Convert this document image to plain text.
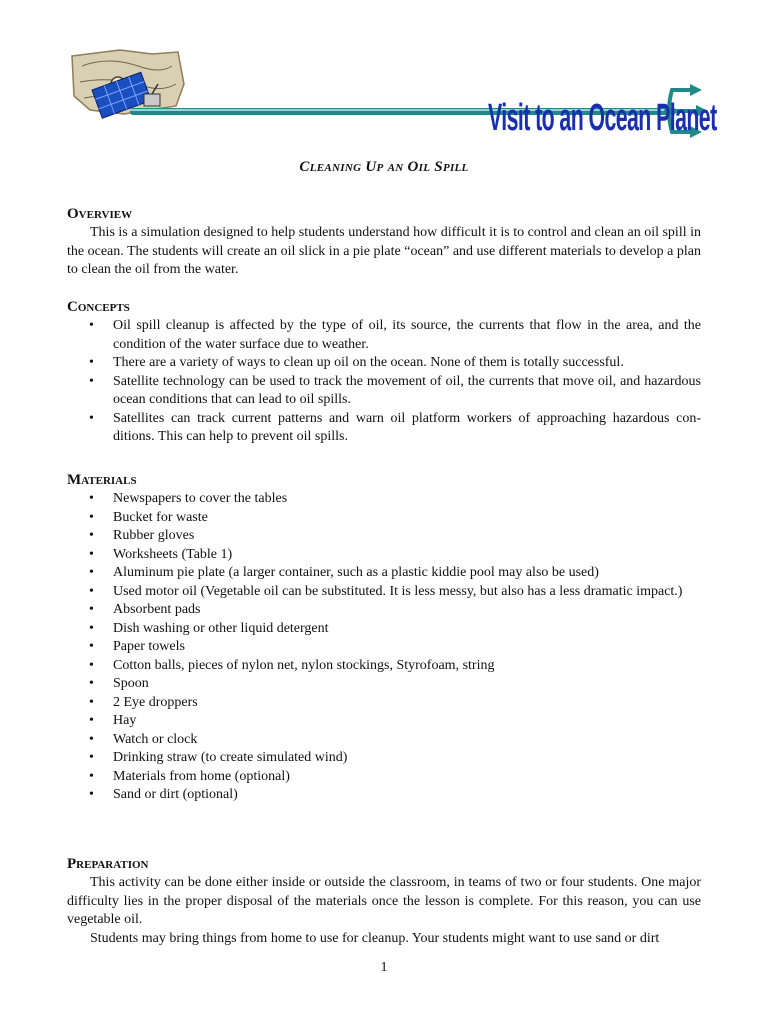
Visit to an Ocean Planet
Cleaning Up an Oil Spill
Overview

This is a simulation designed to help students understand how difficult it is to control and clean an oil spill in the ocean. The students will create an oil slick in a pie plate “ocean” and use different materials to develop a plan to clean the oil from the water.

Concepts
• Oil spill cleanup is affected by the type of oil, its source, the currents that flow in the area, and the condition of the water surface due to weather.
• There are a variety of ways to clean up oil on the ocean. None of them is totally successful.
• Satellite technology can be used to track the movement of oil, the currents that move oil, and hazardous ocean conditions that can lead to oil spills.
• Satellites can track current patterns and warn oil platform workers of approaching hazardous con-ditions. This can help to prevent oil spills.
Materials
• Newspapers to cover the tables
• Bucket for waste
• Rubber gloves
• Worksheets (Table 1)
• Aluminum pie plate (a larger container, such as a plastic kiddie pool may also be used)
• Used motor oil (Vegetable oil can be substituted. It is less messy, but also has a less dramatic impact.)
• Absorbent pads
• Dish washing or other liquid detergent
• Paper towels
• Cotton balls, pieces of nylon net, nylon stockings, Styrofoam, string
• Spoon
• 2 Eye droppers
• Hay
• Watch or clock
• Drinking straw (to create simulated wind)
• Materials from home (optional)
• Sand or dirt (optional)
Preparation

This activity can be done either inside or outside the classroom, in teams of two or four students. One major difficulty lies in the proper disposal of the materials once the lesson is complete. For this reason, you can use vegetable oil.

Students may bring things from home to use for cleanup. Your students might want to use sand or dirt

1
